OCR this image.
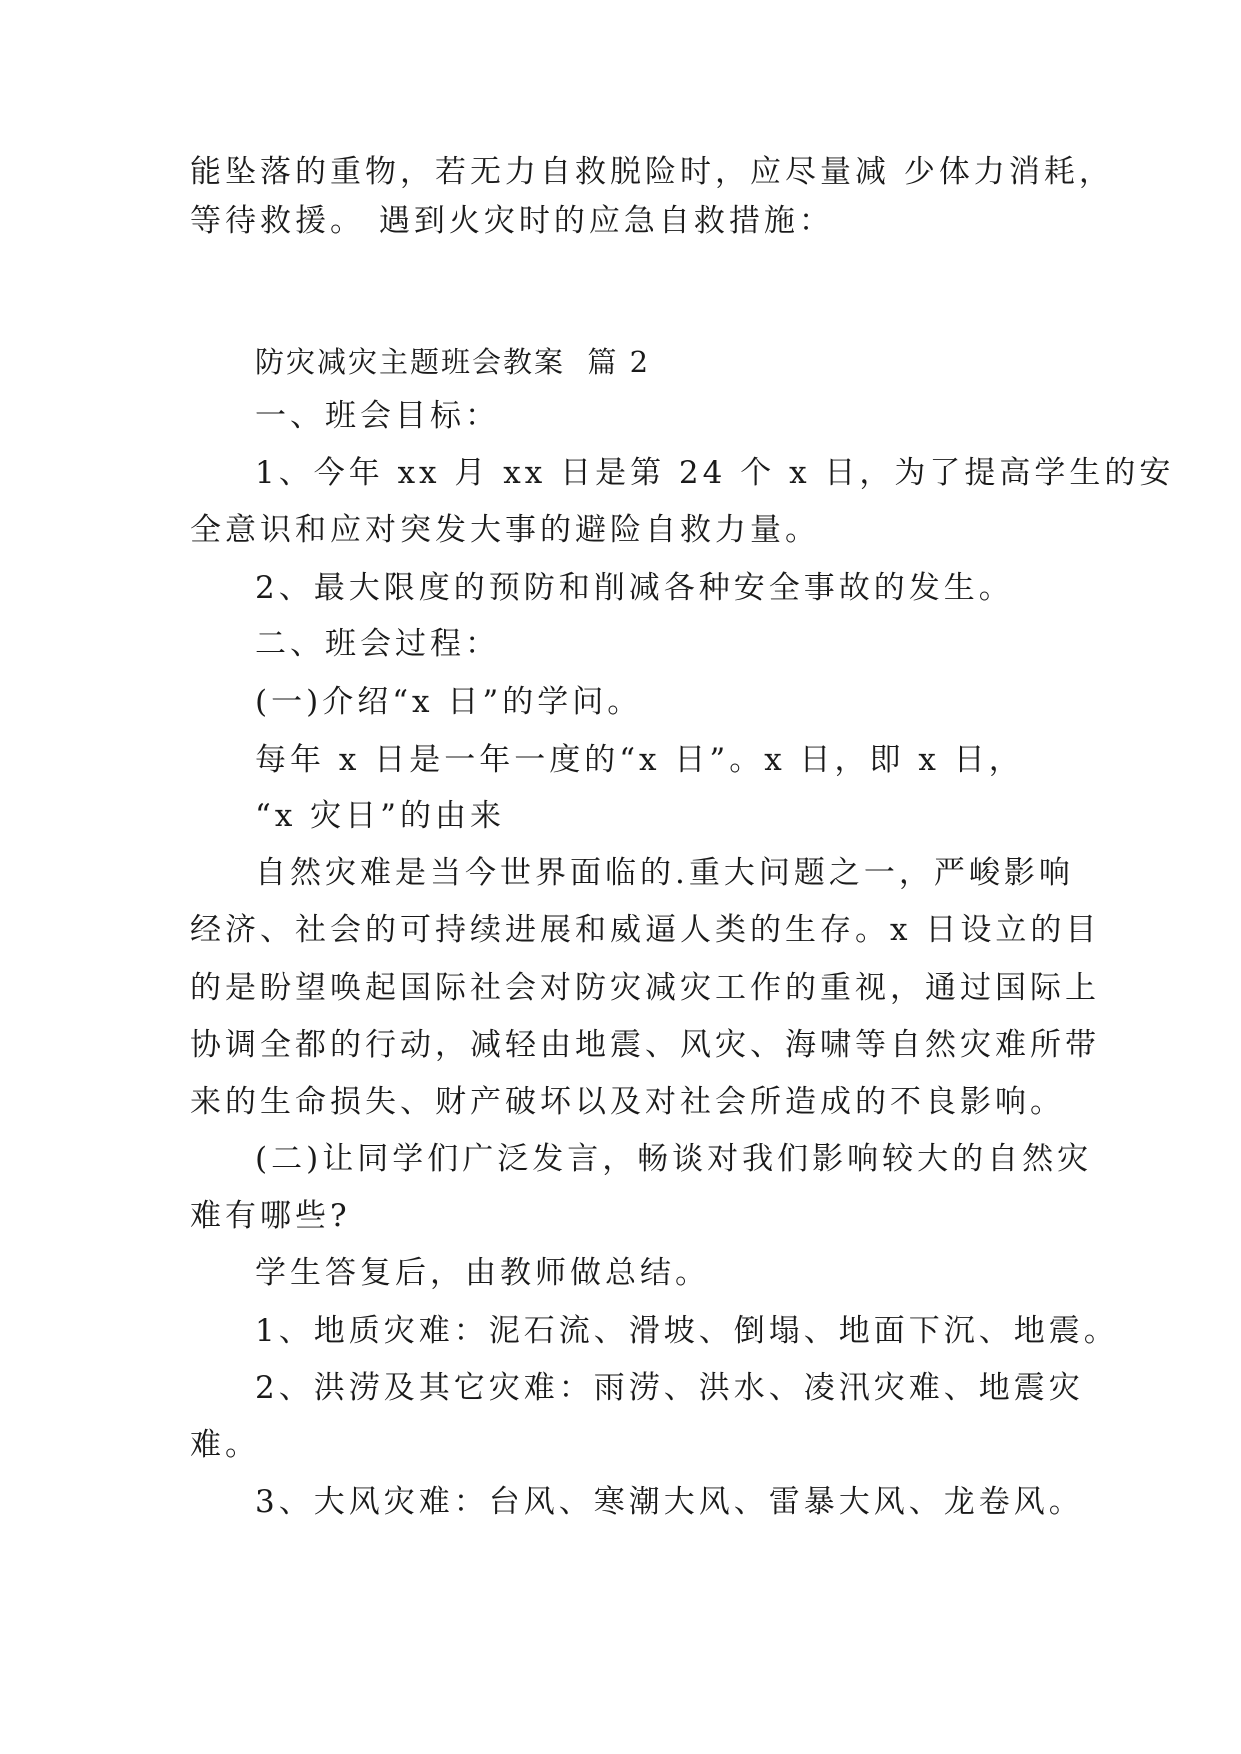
能坠落的重物，若无力自救脱险时，应尽量减 少体力消耗，
等待救援。 遇到火灾时的应急自救措施：
防灾减灾主题班会教案  篇 2
一、班会目标：
1、今年 xx 月 xx 日是第 24 个 x 日，为了提高学生的安
全意识和应对突发大事的避险自救力量。
2、最大限度的预防和削减各种安全事故的发生。
二、班会过程：
(一)介绍“x 日”的学问。
每年 x 日是一年一度的“x 日”。x 日，即 x 日，
“x 灾日”的由来
自然灾难是当今世界面临的.重大问题之一，严峻影响
经济、社会的可持续进展和威逼人类的生存。x 日设立的目
的是盼望唤起国际社会对防灾减灾工作的重视，通过国际上
协调全都的行动，减轻由地震、风灾、海啸等自然灾难所带
来的生命损失、财产破坏以及对社会所造成的不良影响。
(二)让同学们广泛发言，畅谈对我们影响较大的自然灾
难有哪些?
学生答复后，由教师做总结。
1、地质灾难：泥石流、滑坡、倒塌、地面下沉、地震。
2、洪涝及其它灾难：雨涝、洪水、凌汛灾难、地震灾
难。
3、大风灾难：台风、寒潮大风、雷暴大风、龙卷风。
